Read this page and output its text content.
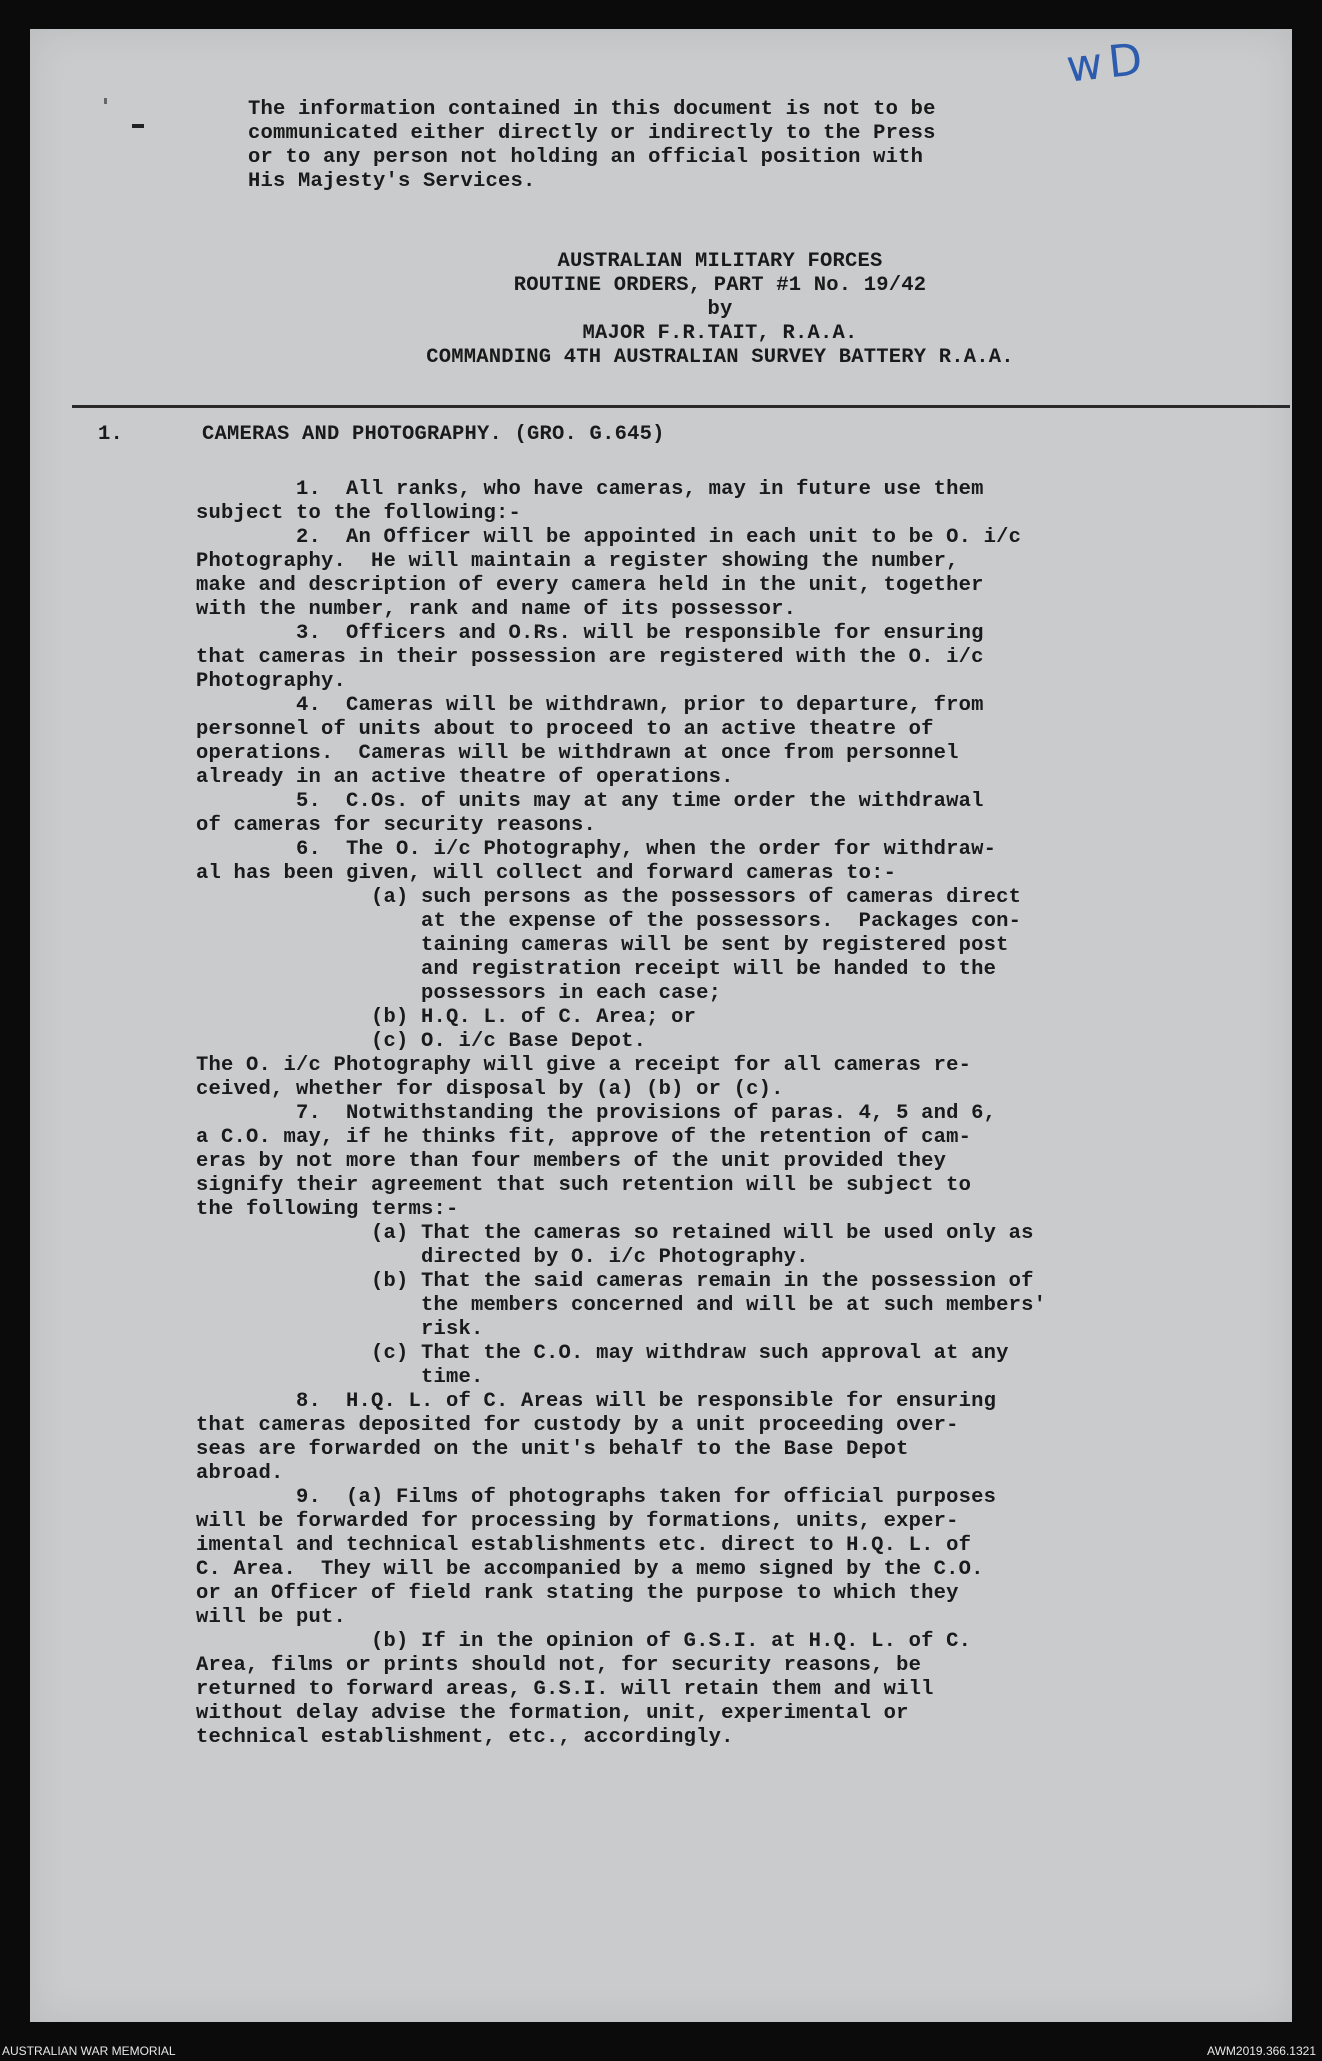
wD
The information contained in this document is not to be
communicated either directly or indirectly to the Press
or to any person not holding an official position with
His Majesty's Services.
AUSTRALIAN MILITARY FORCES
ROUTINE ORDERS, PART #1 No. 19/42
by
MAJOR F.R.TAIT, R.A.A.
COMMANDING 4TH AUSTRALIAN SURVEY BATTERY R.A.A.
1.	CAMERAS AND PHOTOGRAPHY. (GRO. G.645)
1.  All ranks, who have cameras, may in future use them
subject to the following:-
2.  An Officer will be appointed in each unit to be O. i/c
Photography.  He will maintain a register showing the number,
make and description of every camera held in the unit, together
with the number, rank and name of its possessor.
3.  Officers and O.Rs. will be responsible for ensuring
that cameras in their possession are registered with the O. i/c
Photography.
4.  Cameras will be withdrawn, prior to departure, from
personnel of units about to proceed to an active theatre of
operations.  Cameras will be withdrawn at once from personnel
already in an active theatre of operations.
5.  C.Os. of units may at any time order the withdrawal
of cameras for security reasons.
6.  The O. i/c Photography, when the order for withdraw-
al has been given, will collect and forward cameras to:-
(a) such persons as the possessors of cameras direct
at the expense of the possessors.  Packages con-
taining cameras will be sent by registered post
and registration receipt will be handed to the
possessors in each case;
(b) H.Q. L. of C. Area; or
(c) O. i/c Base Depot.
The O. i/c Photography will give a receipt for all cameras re-
ceived, whether for disposal by (a) (b) or (c).
7.  Notwithstanding the provisions of paras. 4, 5 and 6,
a C.O. may, if he thinks fit, approve of the retention of cam-
eras by not more than four members of the unit provided they
signify their agreement that such retention will be subject to
the following terms:-
(a) That the cameras so retained will be used only as
directed by O. i/c Photography.
(b) That the said cameras remain in the possession of
the members concerned and will be at such members'
risk.
(c) That the C.O. may withdraw such approval at any
time.
8.  H.Q. L. of C. Areas will be responsible for ensuring
that cameras deposited for custody by a unit proceeding over-
seas are forwarded on the unit's behalf to the Base Depot
abroad.
9.  (a) Films of photographs taken for official purposes
will be forwarded for processing by formations, units, exper-
imental and technical establishments etc. direct to H.Q. L. of
C. Area.  They will be accompanied by a memo signed by the C.O.
or an Officer of field rank stating the purpose to which they
will be put.
(b) If in the opinion of G.S.I. at H.Q. L. of C.
Area, films or prints should not, for security reasons, be
returned to forward areas, G.S.I. will retain them and will
without delay advise the formation, unit, experimental or
technical establishment, etc., accordingly.
AUSTRALIAN WAR MEMORIAL	AWM2019.366.1321
